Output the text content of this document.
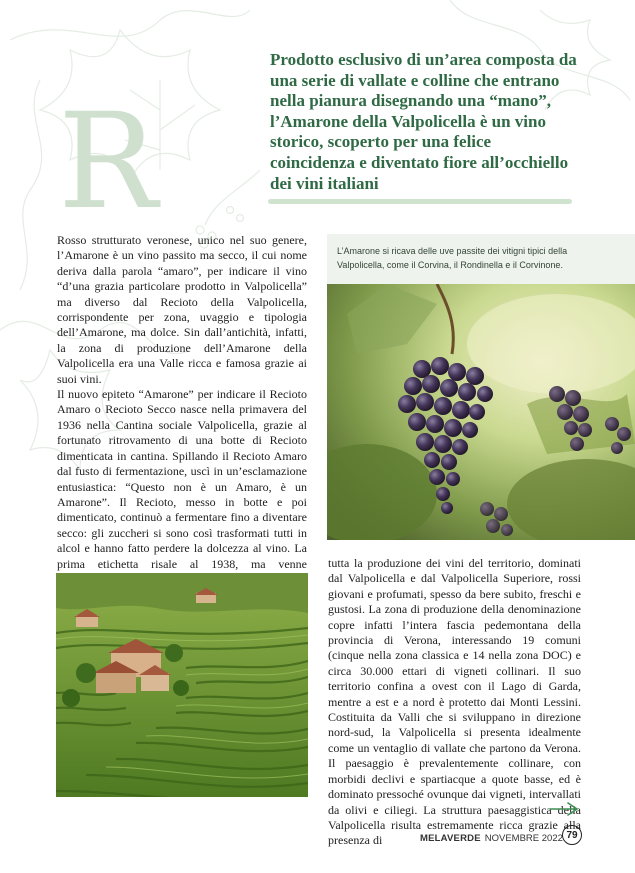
R
Prodotto esclusivo di un’area composta da una serie di vallate e colline che entrano nella pianura disegnando una “mano”, l’Amarone della Valpolicella è un vino storico, scoperto per una felice coincidenza e diventato fiore all’occhiello dei vini italiani

Rosso strutturato veronese, unico nel suo genere, l’Amarone è un vino passito ma secco, il cui nome deriva dalla parola “amaro”, per indicare il vino “d’una grazia particolare prodotto in Valpolicella” ma diverso dal Recioto della Valpolicella, corrispondente per zona, uvaggio e tipologia dell’Amarone, ma dolce. Sin dall’antichità, infatti, la zona di produzione dell’Amarone della Valpolicella era una Valle ricca e famosa grazie ai suoi vini.

Il nuovo epiteto “Amarone” per indicare il Recioto Amaro o Recioto Secco nasce nella primavera del 1936 nella Cantina sociale Valpolicella, grazie al fortunato ritrovamento di una botte di Recioto dimenticata in cantina. Spillando il Recioto Amaro dal fusto di fermentazione, uscì in un’esclamazione entusiastica: “Questo non è un Amaro, è un Amarone”. Il Recioto, messo in botte e poi dimenticato, continuò a fermentare fino a diventare secco: gli zuccheri si sono così trasformati tutti in alcol e hanno fatto perdere la dolcezza al vino. La prima etichetta risale al 1938, ma venne

L’Amarone si ricava delle uve passite dei vitigni tipici della Valpolicella, come il Corvina, il Rondinella e il Corvinone.

tutta la produzione dei vini del territorio, dominati dal Valpolicella e dal Valpolicella Superiore, rossi giovani e profumati, spesso da bere subito, freschi e gustosi. La zona di produzione della denominazione copre infatti l’intera fascia pedemontana della provincia di Verona, interessando 19 comuni (cinque nella zona classica e 14 nella zona DOC) e circa 30.000 ettari di vigneti collinari. Il suo territorio confina a ovest con il Lago di Garda, mentre a est e a nord è protetto dai Monti Lessini. Costituita da Valli che si sviluppano in direzione nord-sud, la Valpolicella si presenta idealmente come un ventaglio di vallate che partono da Verona. Il paesaggio è prevalentemente collinare, con morbidi declivi e spartiacque a quote basse, ed è dominato pressoché ovunque dai vigneti, intervallati da olivi e ciliegi. La struttura paesaggistica della Valpolicella risulta estremamente ricca grazie alla presenza di	MELAVERDE NOVEMBRE 2022 79
